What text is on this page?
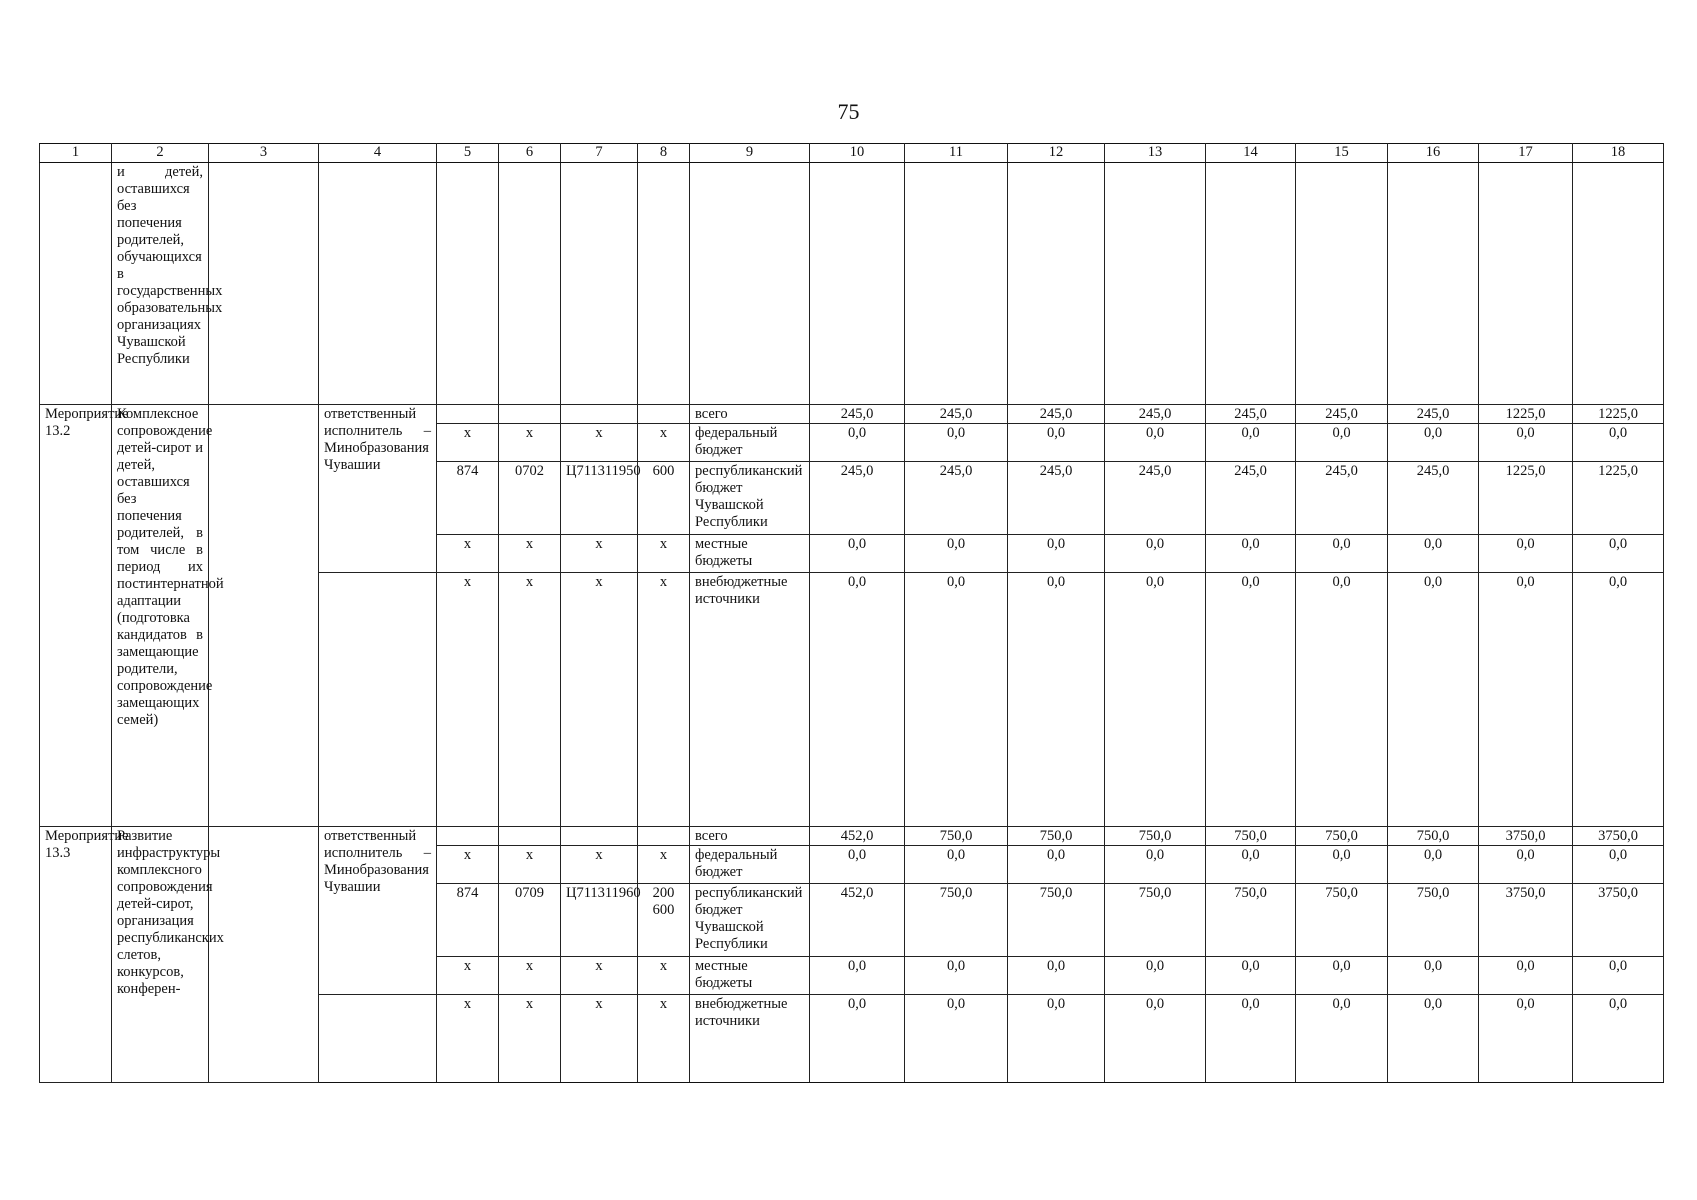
75
1	2	3	4	5	6	7	8	9	10	11	12	13	14	15	16	17	18
	и детей, оставшихся без попечения родителей, обучающихся в государственных образовательных организациях Чувашской Республики																
Мероприятие 13.2	Комплексное сопровождение детей-сирот и детей, оставшихся без попечения родителей, в том числе в период их постинтернатной адаптации (подготовка кандидатов в замещающие родители, сопровождение замещающих семей)		ответственный исполнитель – Минобразования Чувашии					всего	245,0	245,0	245,0	245,0	245,0	245,0	245,0	1225,0	1225,0
				х	х	х	х	федеральный бюджет	0,0	0,0	0,0	0,0	0,0	0,0	0,0	0,0	0,0
				874	0702	Ц711311950	600	республиканский бюджет Чувашской Республики	245,0	245,0	245,0	245,0	245,0	245,0	245,0	1225,0	1225,0
				х	х	х	х	местные бюджеты	0,0	0,0	0,0	0,0	0,0	0,0	0,0	0,0	0,0
				х	х	х	х	внебюджетные источники	0,0	0,0	0,0	0,0	0,0	0,0	0,0	0,0	0,0
Мероприятие 13.3	Развитие инфраструктуры комплексного сопровождения детей-сирот, организация республиканских слетов, конкурсов, конферен-		ответственный исполнитель – Минобразования Чувашии					всего	452,0	750,0	750,0	750,0	750,0	750,0	750,0	3750,0	3750,0
				х	х	х	х	федеральный бюджет	0,0	0,0	0,0	0,0	0,0	0,0	0,0	0,0	0,0
				874	0709	Ц711311960	200 600	республиканский бюджет Чувашской Республики	452,0	750,0	750,0	750,0	750,0	750,0	750,0	3750,0	3750,0
				х	х	х	х	местные бюджеты	0,0	0,0	0,0	0,0	0,0	0,0	0,0	0,0	0,0
				х	х	х	х	внебюджетные источники	0,0	0,0	0,0	0,0	0,0	0,0	0,0	0,0	0,0
